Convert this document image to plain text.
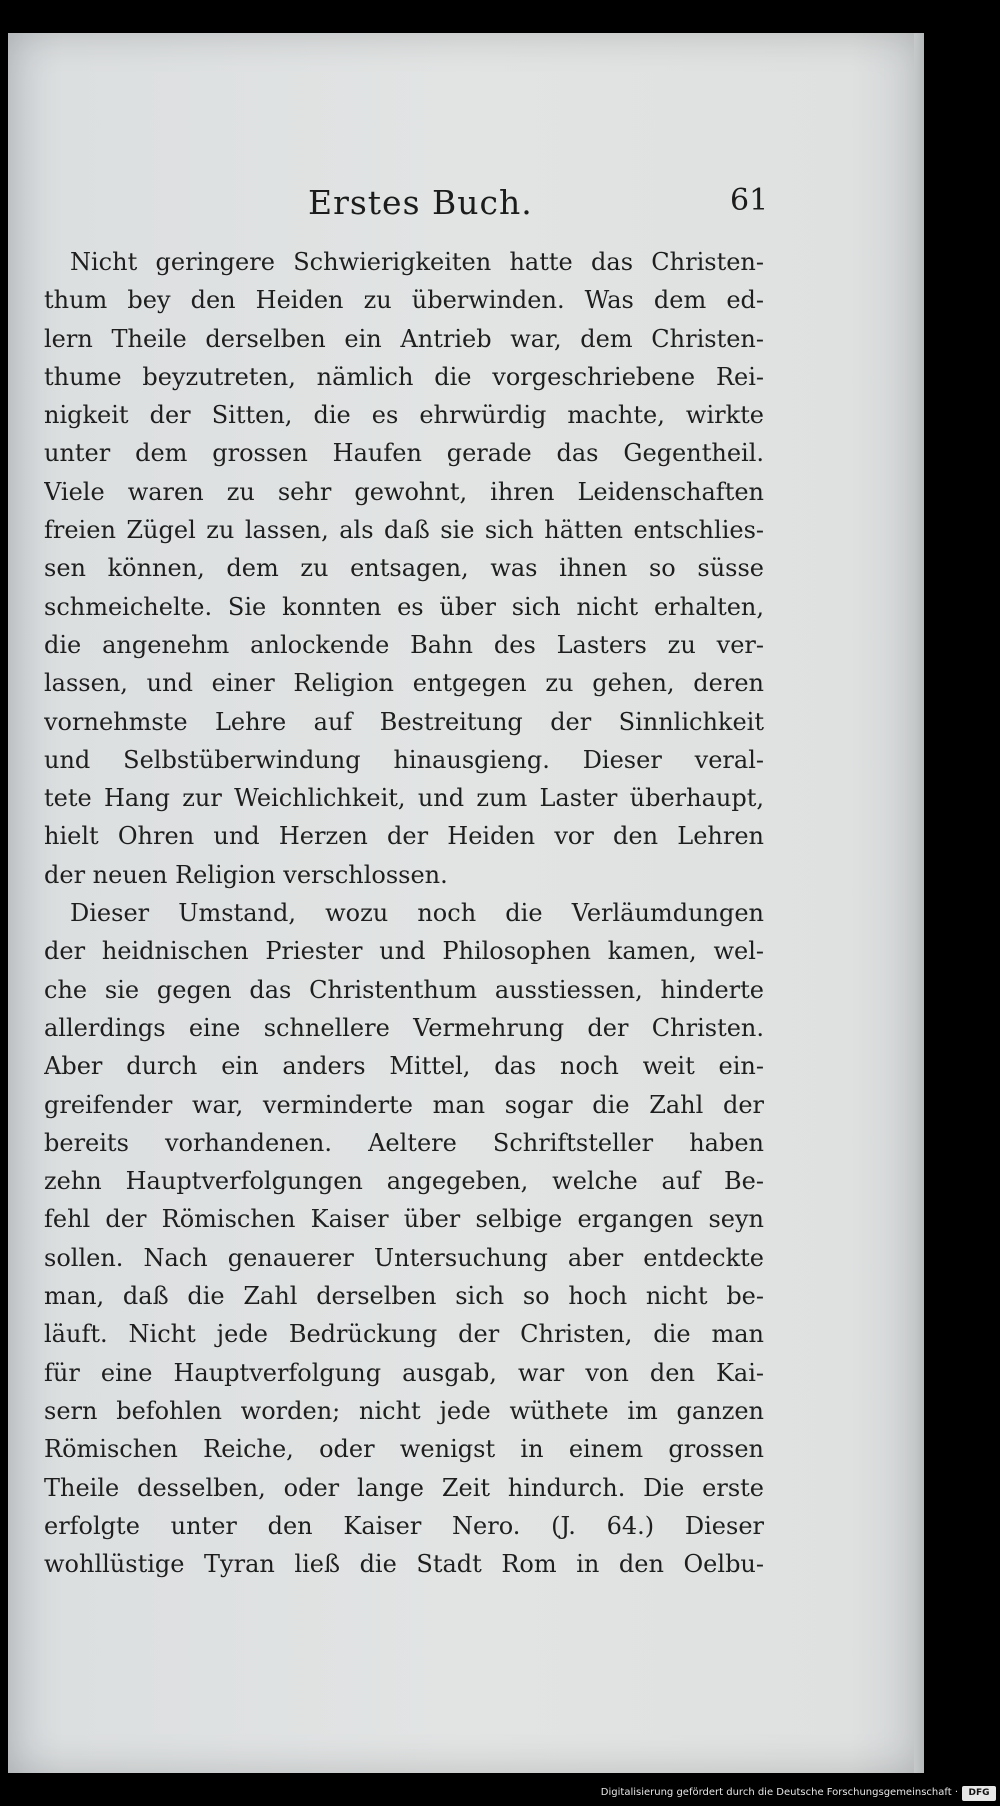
Erstes Buch.	61
Nicht geringere Schwierigkeiten hatte das Christen-
thum bey den Heiden zu überwinden. Was dem ed-
lern Theile derselben ein Antrieb war, dem Christen-
thume beyzutreten, nämlich die vorgeschriebene Rei-
nigkeit der Sitten, die es ehrwürdig machte, wirkte
unter dem grossen Haufen gerade das Gegentheil.
Viele waren zu sehr gewohnt, ihren Leidenschaften
freien Zügel zu lassen, als daß sie sich hätten entschlies-
sen können, dem zu entsagen, was ihnen so süsse
schmeichelte. Sie konnten es über sich nicht erhalten,
die angenehm anlockende Bahn des Lasters zu ver-
lassen, und einer Religion entgegen zu gehen, deren
vornehmste Lehre auf Bestreitung der Sinnlichkeit
und Selbstüberwindung hinausgieng. Dieser veral-
tete Hang zur Weichlichkeit, und zum Laster überhaupt,
hielt Ohren und Herzen der Heiden vor den Lehren
der neuen Religion verschlossen.
Dieser Umstand, wozu noch die Verläumdungen
der heidnischen Priester und Philosophen kamen, wel-
che sie gegen das Christenthum ausstiessen, hinderte
allerdings eine schnellere Vermehrung der Christen.
Aber durch ein anders Mittel, das noch weit ein-
greifender war, verminderte man sogar die Zahl der
bereits vorhandenen. Aeltere Schriftsteller haben
zehn Hauptverfolgungen angegeben, welche auf Be-
fehl der Römischen Kaiser über selbige ergangen seyn
sollen. Nach genauerer Untersuchung aber entdeckte
man, daß die Zahl derselben sich so hoch nicht be-
läuft. Nicht jede Bedrückung der Christen, die man
für eine Hauptverfolgung ausgab, war von den Kai-
sern befohlen worden; nicht jede wüthete im ganzen
Römischen Reiche, oder wenigst in einem grossen
Theile desselben, oder lange Zeit hindurch. Die erste
erfolgte unter den Kaiser Nero. (J. 64.) Dieser
wohllüstige Tyran ließ die Stadt Rom in den Oelbu-
Digitalisierung gefördert durch die Deutsche Forschungsgemeinschaft ·	DFG
